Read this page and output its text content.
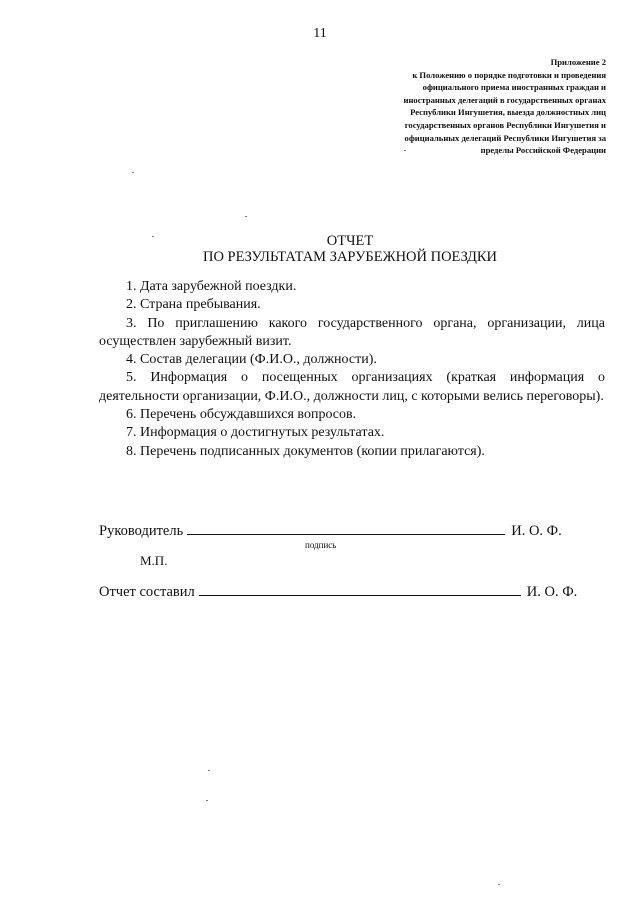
11
Приложение 2
к Положению о порядке подготовки и проведения
официального приема иностранных граждан и
иностранных делегаций в государственных органах
Республики Ингушетия, выезда должностных лиц
государственных органов Республики Ингушетия и
официальных делегаций Республики Ингушетия за
пределы Российской Федерации
ОТЧЕТ
ПО РЕЗУЛЬТАТАМ ЗАРУБЕЖНОЙ ПОЕЗДКИ

1. Дата зарубежной поездки.

2. Страна пребывания.

3. По приглашению какого государственного органа, организации, лица осуществлен зарубежный визит.

4. Состав делегации (Ф.И.О., должности).

5. Информация о посещенных организациях (краткая информация о деятельности организации, Ф.И.О., должности лиц, с которыми велись переговоры).

6. Перечень обсуждавшихся вопросов.

7. Информация о достигнутых результатах.

8. Перечень подписанных документов (копии прилагаются).

Руководитель	И. О. Ф.
подпись
М.П.
Отчет составил	И. О. Ф.
